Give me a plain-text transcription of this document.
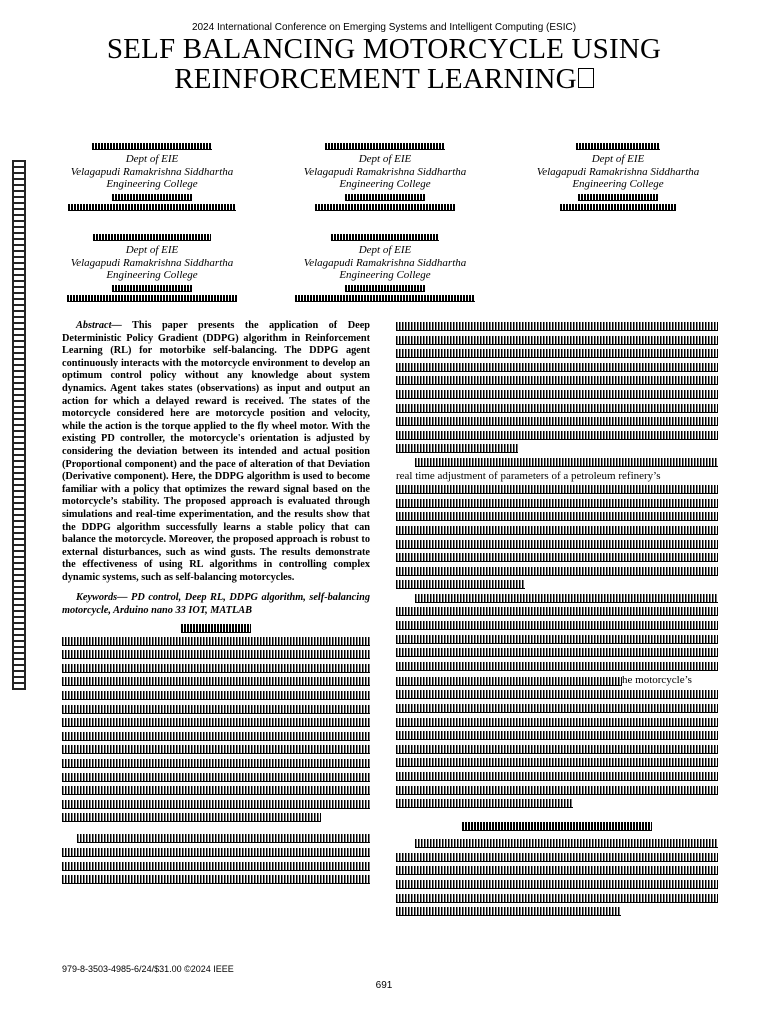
2024 International Conference on Emerging Systems and Intelligent Computing (ESIC)
SELF BALANCING MOTORCYCLE USING
REINFORCEMENT LEARNING
Dept of EIE
Velagapudi Ramakrishna Siddhartha
Engineering College
Dept of EIE
Velagapudi Ramakrishna Siddhartha
Engineering College
Dept of EIE
Velagapudi Ramakrishna Siddhartha
Engineering College
Dept of EIE
Velagapudi Ramakrishna Siddhartha
Engineering College
Dept of EIE
Velagapudi Ramakrishna Siddhartha
Engineering College
Abstract— This paper presents the application of Deep Deterministic Policy Gradient (DDPG) algorithm in Reinforcement Learning (RL) for motorbike self-balancing. The DDPG agent continuously interacts with the motorcycle environment to develop an optimum control policy without any knowledge about system dynamics. Agent takes states (observations) as input and output an action for which a delayed reward is received. The states of the motorcycle considered here are motorcycle position and velocity, while the action is the torque applied to the fly wheel motor. With the existing PD controller, the motorcycle's orientation is adjusted by considering the deviation between its intended and actual position (Proportional component) and the pace of alteration of that Deviation (Derivative component). Here, the DDPG algorithm is used to become familiar with a policy that optimizes the reward signal based on the motorcycle’s stability. The proposed approach is evaluated through simulations and real-time experimentation, and the results show that the DDPG algorithm successfully learns a stable policy that can balance the motorcycle. Moreover, the proposed approach is robust to external disturbances, such as wind gusts. The results demonstrate the effectiveness of using RL algorithms in controlling complex dynamic systems, such as self-balancing motorcycles.
Keywords— PD control, Deep RL, DDPG algorithm, self-balancing motorcycle, Arduino nano 33 IOT, MATLAB
real time adjustment of parameters of a petroleum refinery’s
he motorcycle’s
979-8-3503-4985-6/24/$31.00 ©2024 IEEE
691
